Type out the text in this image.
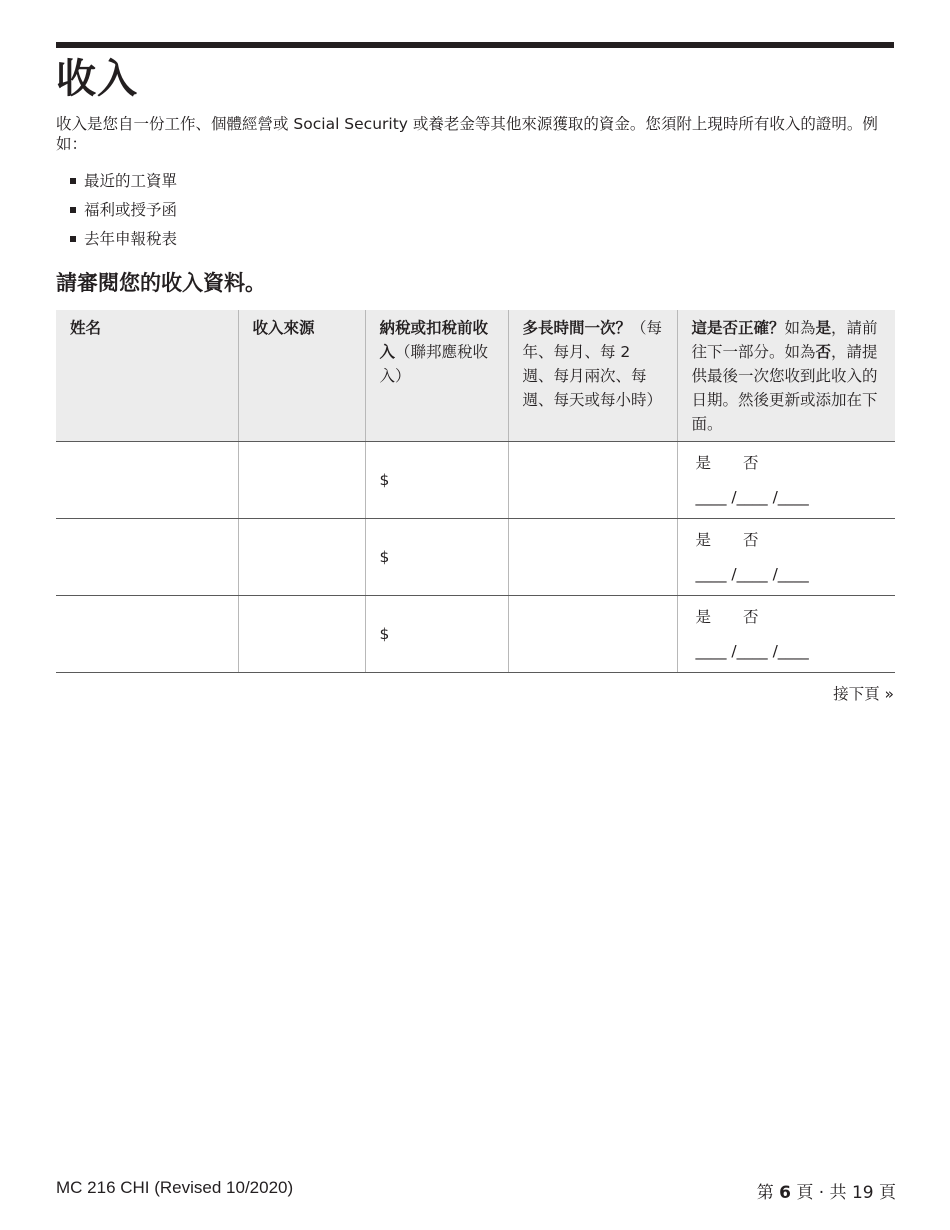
收入

收入是您自一份工作、個體經營或 Social Security 或養老金等其他來源獲取的資金。您須附上現時所有收入的證明。例如：

最近的工資單
福利或授予函
去年申報稅表
請審閱您的收入資料。
姓名	收入來源	納稅或扣稅前收入（聯邦應稅收入）	多長時間一次？（每年、每月、每 2 週、每月兩次、每週、每天或每小時）	這是否正確？如為是，請前往下一部分。如為否，請提供最後一次您收到此收入的日期。然後更新或添加在下面。
		$		是 否
____ /____ /____

		$		是 否
____ /____ /____

		$		是 否
____ /____ /____
接下頁 »
MC 216 CHI (Revised 10/2020)	第 6 頁 · 共 19 頁
